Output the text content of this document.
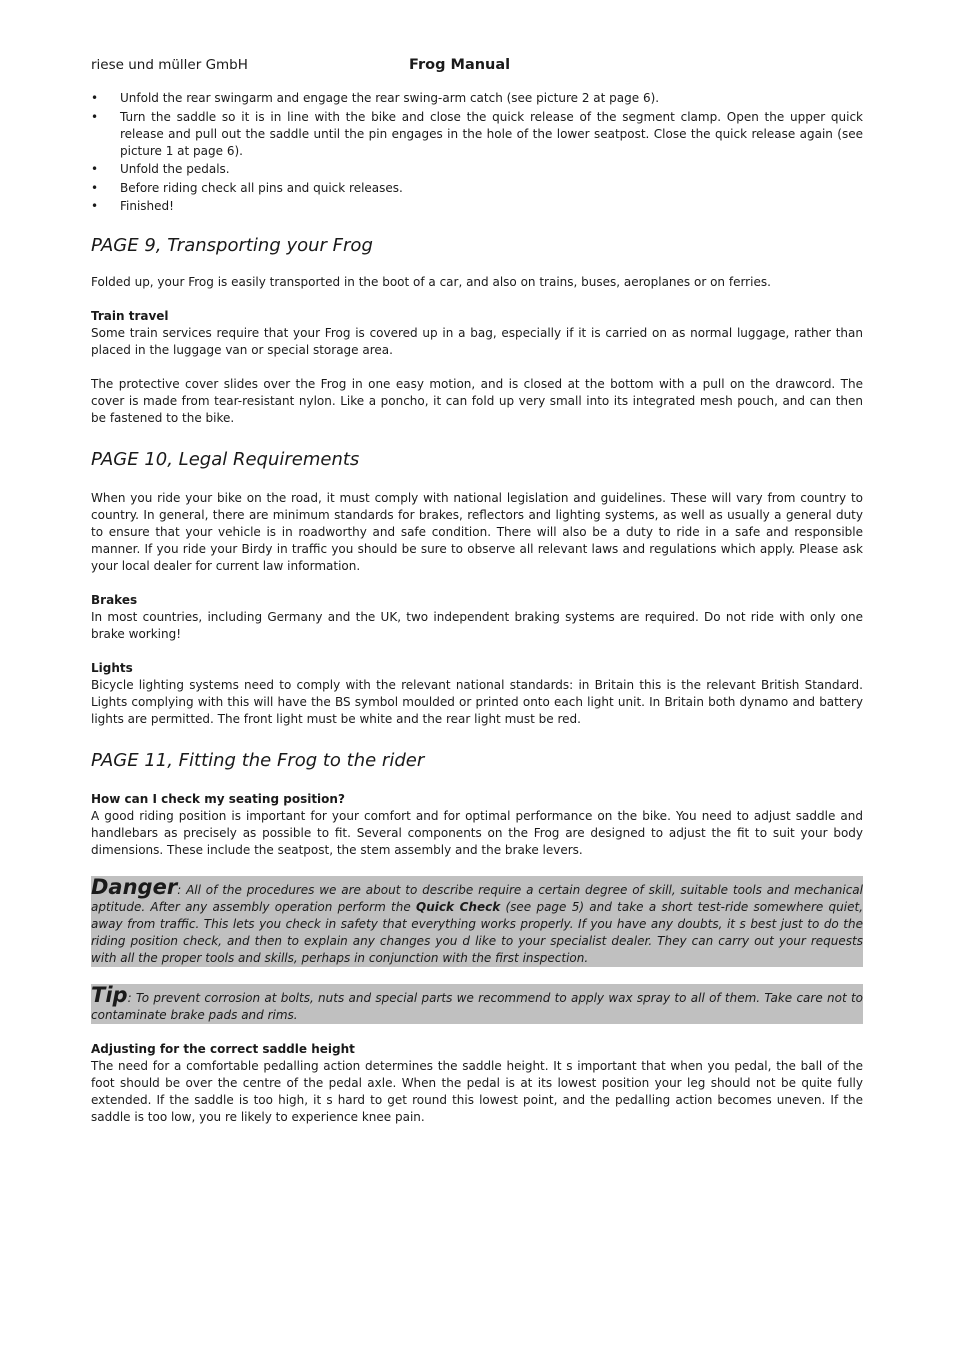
riese und müller GmbH	Frog Manual
• Unfold the rear swingarm and engage the rear swing-arm catch (see picture 2 at page 6).
• Turn the saddle so it is in line with the bike and close the quick release of the segment clamp. Open the upper quick release and pull out the saddle until the pin engages in the hole of the lower seatpost. Close the quick release again (see picture 1 at page 6).
• Unfold the pedals.
• Before riding check all pins and quick releases.
• Finished!
PAGE 9, Transporting your Frog

Folded up, your Frog is easily transported in the boot of a car, and also on trains, buses, aeroplanes or on ferries.

Train travel

Some train services require that your Frog is covered up in a bag, especially if it is carried on as normal luggage, rather than placed in the luggage van or special storage area.

The protective cover slides over the Frog in one easy motion, and is closed at the bottom with a pull on the drawcord. The cover is made from tear-resistant nylon. Like a poncho, it can fold up very small into its integrated mesh pouch, and can then be fastened to the bike.

PAGE 10, Legal Requirements

When you ride your bike on the road, it must comply with national legislation and guidelines. These will vary from country to country. In general, there are minimum standards for brakes, reflectors and lighting systems, as well as usually a general duty to ensure that your vehicle is in roadworthy and safe condition. There will also be a duty to ride in a safe and responsible manner. If you ride your Birdy in traffic you should be sure to observe all relevant laws and regulations which apply. Please ask your local dealer for current law information.

Brakes

In most countries, including Germany and the UK, two independent braking systems are required. Do not ride with only one brake working!

Lights

Bicycle lighting systems need to comply with the relevant national standards: in Britain this is the relevant British Standard. Lights complying with this will have the BS symbol moulded or printed onto each light unit. In Britain both dynamo and battery lights are permitted. The front light must be white and the rear light must be red.

PAGE 11, Fitting the Frog to the rider

How can I check my seating position?

A good riding position is important for your comfort and for optimal performance on the bike. You need to adjust saddle and handlebars as precisely as possible to fit. Several components on the Frog are designed to adjust the fit to suit your body dimensions. These include the seatpost, the stem assembly and the brake levers.

Danger: All of the procedures we are about to describe require a certain degree of skill, suitable tools and mechanical aptitude. After any assembly operation perform the Quick Check (see page 5) and take a short test-ride somewhere quiet, away from traffic. This lets you check in safety that everything works properly. If you have any doubts, it s best just to do the riding position check, and then to explain any changes you d like to your specialist dealer. They can carry out your requests with all the proper tools and skills, perhaps in conjunction with the first inspection.
Tip: To prevent corrosion at bolts, nuts and special parts we recommend to apply wax spray to all of them. Take care not to contaminate brake pads and rims.

Adjusting for the correct saddle height

The need for a comfortable pedalling action determines the saddle height. It s important that when you pedal, the ball of the foot should be over the centre of the pedal axle. When the pedal is at its lowest position your leg should not be quite fully extended. If the saddle is too high, it s hard to get round this lowest point, and the pedalling action becomes uneven. If the saddle is too low, you re likely to experience knee pain.
